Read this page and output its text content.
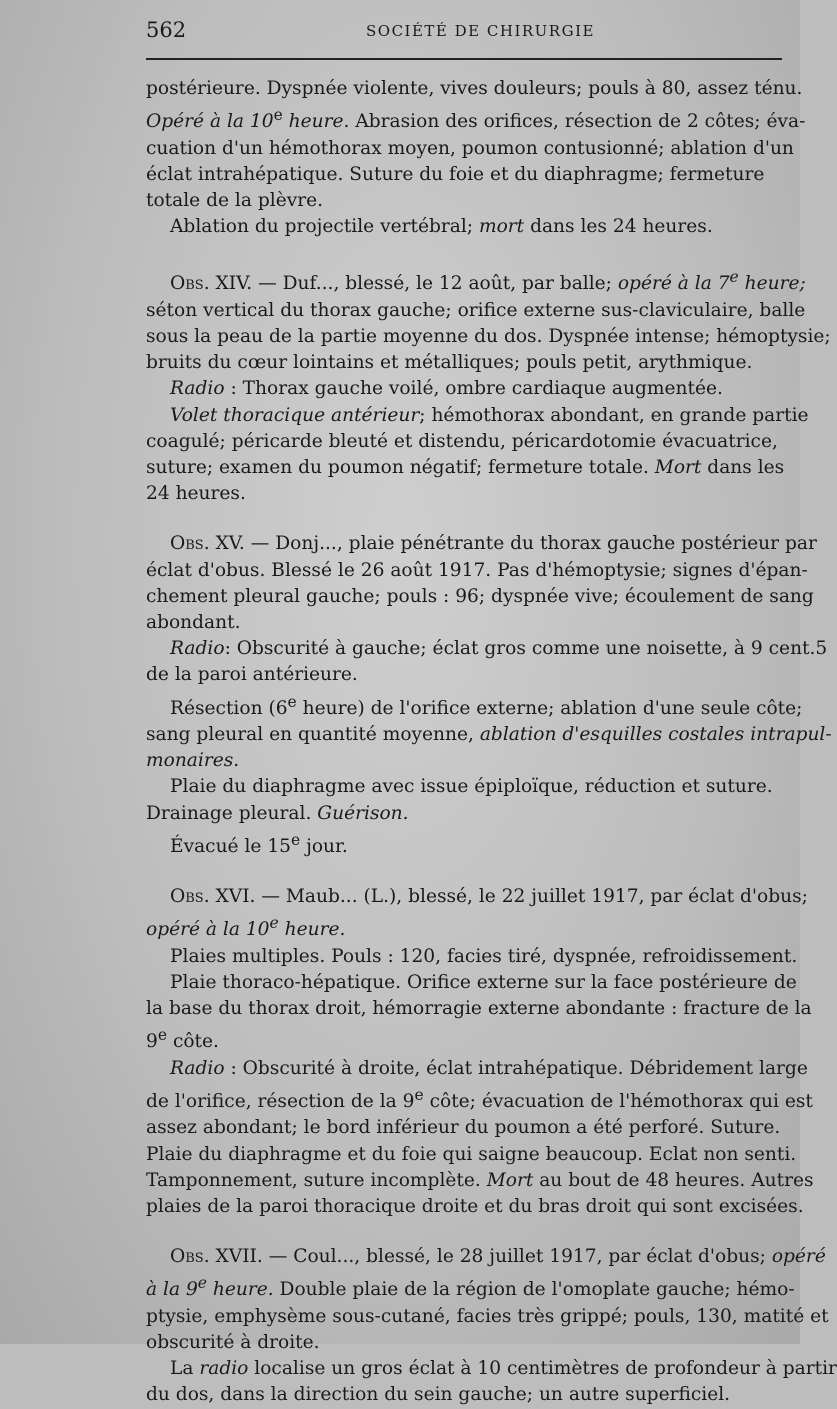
562	SOCIÉTÉ DE CHIRURGIE
postérieure. Dyspnée violente, vives douleurs; pouls à 80, assez ténu.
Opéré à la 10e heure. Abrasion des orifices, résection de 2 côtes; éva-
cuation d'un hémothorax moyen, poumon contusionné; ablation d'un
éclat intrahépatique. Suture du foie et du diaphragme; fermeture
totale de la plèvre.
Ablation du projectile vertébral; mort dans les 24 heures.
Obs. XIV. — Duf..., blessé, le 12 août, par balle; opéré à la 7e heure;
séton vertical du thorax gauche; orifice externe sus-claviculaire, balle
sous la peau de la partie moyenne du dos. Dyspnée intense; hémoptysie;
bruits du cœur lointains et métalliques; pouls petit, arythmique.
Radio : Thorax gauche voilé, ombre cardiaque augmentée.
Volet thoracique antérieur; hémothorax abondant, en grande partie
coagulé; péricarde bleuté et distendu, péricardotomie évacuatrice,
suture; examen du poumon négatif; fermeture totale. Mort dans les
24 heures.
Obs. XV. — Donj..., plaie pénétrante du thorax gauche postérieur par
éclat d'obus. Blessé le 26 août 1917. Pas d'hémoptysie; signes d'épan-
chement pleural gauche; pouls : 96; dyspnée vive; écoulement de sang
abondant.
Radio: Obscurité à gauche; éclat gros comme une noisette, à 9 cent.5
de la paroi antérieure.
Résection (6e heure) de l'orifice externe; ablation d'une seule côte;
sang pleural en quantité moyenne, ablation d'esquilles costales intrapul-
monaires.
Plaie du diaphragme avec issue épiploïque, réduction et suture.
Drainage pleural. Guérison.
Évacué le 15e jour.
Obs. XVI. — Maub... (L.), blessé, le 22 juillet 1917, par éclat d'obus;
opéré à la 10e heure.
Plaies multiples. Pouls : 120, facies tiré, dyspnée, refroidissement.
Plaie thoraco-hépatique. Orifice externe sur la face postérieure de
la base du thorax droit, hémorragie externe abondante : fracture de la
9e côte.
Radio : Obscurité à droite, éclat intrahépatique. Débridement large
de l'orifice, résection de la 9e côte; évacuation de l'hémothorax qui est
assez abondant; le bord inférieur du poumon a été perforé. Suture.
Plaie du diaphragme et du foie qui saigne beaucoup. Eclat non senti.
Tamponnement, suture incomplète. Mort au bout de 48 heures. Autres
plaies de la paroi thoracique droite et du bras droit qui sont excisées.
Obs. XVII. — Coul..., blessé, le 28 juillet 1917, par éclat d'obus; opéré
à la 9e heure. Double plaie de la région de l'omoplate gauche; hémo-
ptysie, emphysème sous-cutané, facies très grippé; pouls, 130, matité et
obscurité à droite.
La radio localise un gros éclat à 10 centimètres de profondeur à partir
du dos, dans la direction du sein gauche; un autre superficiel.
